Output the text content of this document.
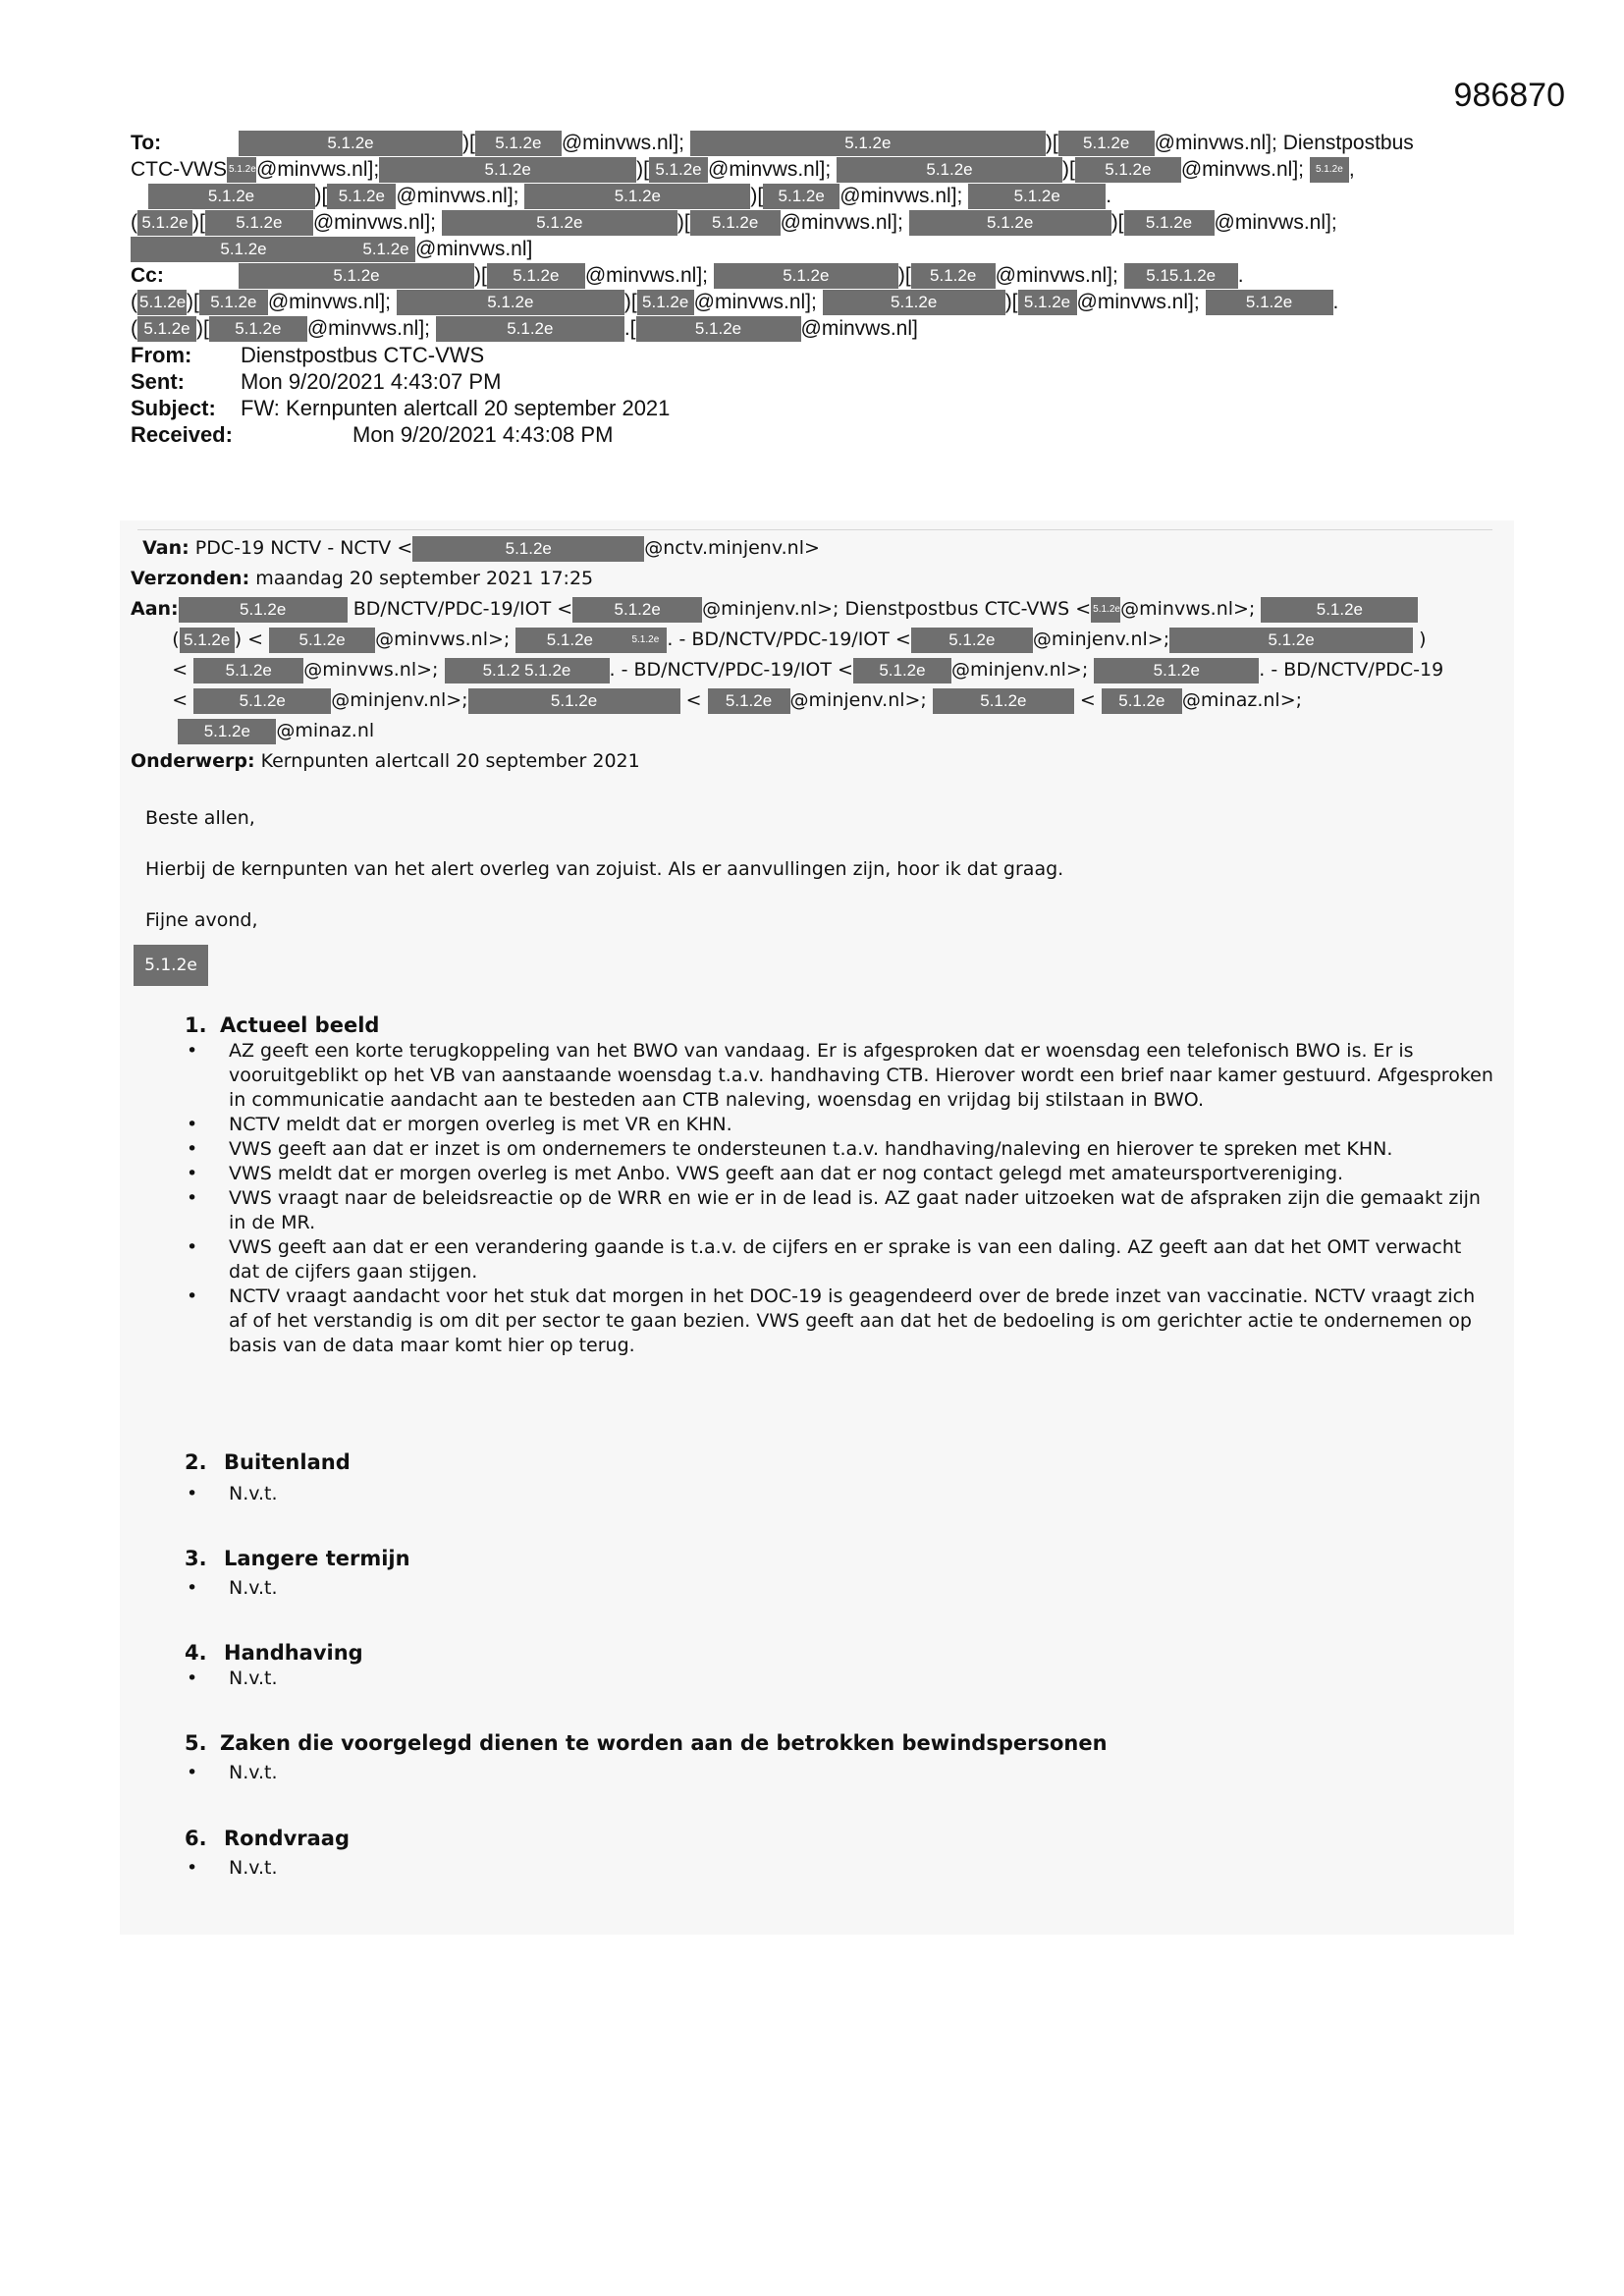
986870
To:	5.1.2e	)[ 5.1.2e @minvws.nl];	5.1.2e	)[ 5.1.2e @minvws.nl]; Dienstpostbus
CTC-VWS 5.1.2e@minvws.nl];	5.1.2e	)[ 5.1.2e @minvws.nl];	5.1.2e	)[ 5.1.2e @minvws.nl]; 5.1.2e ,
5.1.2e	)[ 5.1.2e @minvws.nl];	5.1.2e	)[ 5.1.2e @minvws.nl];	5.1.2e .
( 5.1.2e )[ 5.1.2e @minvws.nl];	5.1.2e	)[ 5.1.2e @minvws.nl];	5.1.2e	)[ 5.1.2e @minvws.nl];
5.1.2e	5.1.2e @minvws.nl]
Cc:	5.1.2e	)[ 5.1.2e @minvws.nl];	5.1.2e	)[ 5.1.2e @minvws.nl]; 5.15.1.2e .
( 5.1.2e)[ 5.1.2e @minvws.nl];	5.1.2e	)[ 5.1.2e @minvws.nl];	5.1.2e	)[ 5.1.2e @minvws.nl];	5.1.2e .
( 5.1.2e )[ 5.1.2e @minvws.nl];	5.1.2e	.[	5.1.2e	@minvws.nl]
From: Dienstpostbus CTC-VWS
Sent:	Mon 9/20/2021 4:43:07 PM
Subject: FW: Kernpunten alertcall 20 september 2021
Received:	Mon 9/20/2021 4:43:08 PM
Van: PDC-19 NCTV - NCTV <	5.1.2e	@nctv.minjenv.nl>
Verzonden: maandag 20 september 2021 17:25
Aan:	5.1.2e	BD/NCTV/PDC-19/IOT < 5.1.2e @minjenv.nl>; Dienstpostbus CTC-VWS < 5.1.2e@minvws.nl>;	5.1.2e
( 5.1.2e ) < 5.1.2e @minvws.nl>; 5.1.2e	5.1.2e . - BD/NCTV/PDC-19/IOT < 5.1.2e @minjenv.nl>;	5.1.2e	)
< 5.1.2e @minvws.nl>;	5.1.2 5.1.2e . - BD/NCTV/PDC-19/IOT < 5.1.2e @minjenv.nl>;	5.1.2e	. - BD/NCTV/PDC-19
<	5.1.2e @minjenv.nl>;	5.1.2e	< 5.1.2e @minjenv.nl>;	5.1.2e	< 5.1.2e @minaz.nl>;
5.1.2e @minaz.nl
Onderwerp: Kernpunten alertcall 20 september 2021

Beste allen,

Hierbij de kernpunten van het alert overleg van zojuist. Als er aanvullingen zijn, hoor ik dat graag.

Fijne avond,

5.1.2e
1. Actueel beeld
• AZ geeft een korte terugkoppeling van het BWO van vandaag. Er is afgesproken dat er woensdag een telefonisch BWO is. Er is vooruitgeblikt op het VB van aanstaande woensdag t.a.v. handhaving CTB. Hierover wordt een brief naar kamer gestuurd. Afgesproken in communicatie aandacht aan te besteden aan CTB naleving, woensdag en vrijdag bij stilstaan in BWO.
• NCTV meldt dat er morgen overleg is met VR en KHN.
• VWS geeft aan dat er inzet is om ondernemers te ondersteunen t.a.v. handhaving/naleving en hierover te spreken met KHN.
• VWS meldt dat er morgen overleg is met Anbo. VWS geeft aan dat er nog contact gelegd met amateursportvereniging.
• VWS vraagt naar de beleidsreactie op de WRR en wie er in de lead is. AZ gaat nader uitzoeken wat de afspraken zijn die gemaakt zijn in de MR.
• VWS geeft aan dat er een verandering gaande is t.a.v. de cijfers en er sprake is van een daling. AZ geeft aan dat het OMT verwacht dat de cijfers gaan stijgen.
• NCTV vraagt aandacht voor het stuk dat morgen in het DOC-19 is geagendeerd over de brede inzet van vaccinatie. NCTV vraagt zich af of het verstandig is om dit per sector te gaan bezien. VWS geeft aan dat het de bedoeling is om gerichter actie te ondernemen op basis van de data maar komt hier op terug.
2. Buitenland
• N.v.t.
3. Langere termijn
• N.v.t.
4. Handhaving
• N.v.t.
5. Zaken die voorgelegd dienen te worden aan de betrokken bewindspersonen
• N.v.t.
6. Rondvraag
• N.v.t.
